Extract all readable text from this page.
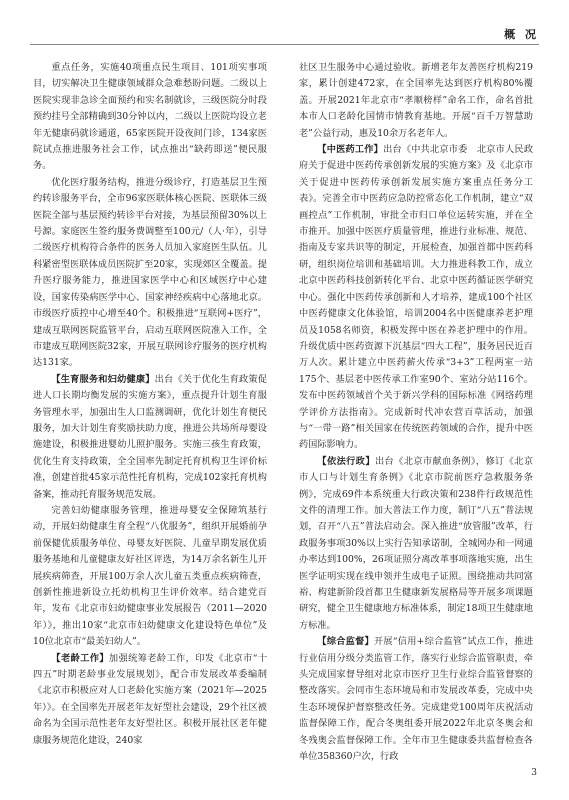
概 况

重点任务，实施40项重点民生项目、101项实事项目，切实解决卫生健康领域群众急难愁盼问题。二级以上医院实现非急诊全面预约和实名制就诊，三级医院分时段预约挂号全部精确到30分钟以内，二级以上医院均设立老年无健康码就诊通道，65家医院开设夜间门诊，134家医院试点推进服务社会工作，试点推出“缺药即送”便民服务。

优化医疗服务结构，推进分级诊疗，打造基层卫生预约转诊服务平台，全市96家医联体核心医院、医联体三级医院全部与基层预约转诊平台对接，为基层预留30%以上号源。家庭医生签约服务费调整至100元/（人·年），引导二级医疗机构符合条件的医务人员加入家庭医生队伍。儿科紧密型医联体成员医院扩至20家，实现郊区全覆盖。提升医疗服务能力，推进国家医学中心和区域医疗中心建设，国家传染病医学中心、国家神经疾病中心落地北京。市级医疗质控中心增至40个。积极推进“互联网+医疗”，建成互联网医院监管平台，启动互联网医院准入工作，全市建成互联网医院32家，开展互联网诊疗服务的医疗机构达131家。

【生育服务和妇幼健康】出台《关于优化生育政策促进人口长期均衡发展的实施方案》，重点提升计划生育服务管理水平，加强出生人口监测调研，优化计划生育便民服务，加大计划生育奖励扶助力度，推进公共场所母婴设施建设，积极推进婴幼儿照护服务。实施三孩生育政策，优化生育支持政策，全全国率先制定托育机构卫生评价标准，创建首批45家示范性托育机构，完成102家托育机构备案，推动托育服务规范发展。

完善妇幼健康服务管理，推进母婴安全保障筑基行动，开展妇幼健康生育全程“八优服务”，组织开展婚前孕前保健优质服务单位、母婴友好医院、儿童早期发展优质服务基地和儿童健康友好社区评选，为14万余名新生儿开展疾病筛查，开展100万余人次儿童五类重点疾病筛查，创新性推进新设立托幼机构卫生评价效率。结合建党百年，发布《北京市妇幼健康事业发展报告（2011—2020年）》，推出10家“北京市妇幼健康文化建设特色单位”及10位北京市“最美妇幼人”。

【老龄工作】加强统筹老龄工作，印发《北京市“十四五”时期老龄事业发展规划》，配合市发展改革委编制《北京市积极应对人口老龄化实施方案（2021年—2025年）》。在全国率先开展老年友好型社会建设，29个社区被命名为全国示范性老年友好型社区。积极开展社区老年健康服务规范化建设，240家

社区卫生服务中心通过验收。新增老年友善医疗机构219家，累计创建472家，在全国率先达到医疗机构80%覆盖。开展2021年北京市“孝顺榜样”命名工作，命名首批本市人口老龄化国情市情教育基地。开展“百千万智慧助老”公益行动，惠及10余万名老年人。

【中医药工作】出台《中共北京市委　北京市人民政府关于促进中医药传承创新发展的实施方案》及《北京市关于促进中医药传承创新发展实施方案重点任务分工表》。完善全市中医药应急防控常态化工作机制，建立“双画控点”工作机制，审批全市归口单位运转实施，并在全市推开。加强中医医疗质量管理，推进行业标准、规范、指南及专家共识等的制定，开展检查，加强首都中医药科研，组织岗位培训和基础培训。大力推进科教工作，成立北京中医药科技创新转化平台、北京中医药循证医学研究中心。强化中医药传承创新和人才培养，建成100个社区中医药健康文化体验馆，培训2004名中医健康养老护理员及1058名师资，积极发挥中医在养老护理中的作用。升级优质中医药资源下沉基层“四大工程”，服务居民近百万人次。累计建立中医药薪火传承“3+3”工程两室一站175个、基层老中医传承工作室90个、室站分站116个。发布中医药领域首个关于新兴学科的国际标准《网络药理学评价方法指南》。完成新时代冲农营百草活动，加强与“一带一路”相关国家在传统医药领域的合作，提升中医药国际影响力。

【依法行政】出台《北京市献血条例》，修订《北京市人口与计划生育条例》《北京市院前医疗急救服务条例》，完成69件本系统重大行政决策和238件行政规范性文件的清理工作。加大普法工作力度，制订“八五”普法规划，召开“八五”普法启动会。深入推进“放管服”改革，行政服务事项30%以上实行告知承诺制，全城网办和一网通办率达到100%，26项证照分离改革事项落地实施，出生医学证明实现在线申领并生成电子证照。围绕推动共同富裕、构建新阶段首都卫生健康新发展格局等开展多项课题研究，健全卫生健康地方标准体系，制定18项卫生健康地方标准。

【综合监督】开展“信用+综合监管”试点工作，推进行业信用分级分类监管工作，落实行业综合监管职责，牵头完成国家督导组对北京市医疗卫生行业综合监管督察的整改落实。会同市生态环境局和市发展改革委，完成中央生态环境保护督察整改任务。完成建党100周年庆祝活动监督保障工作，配合冬奥组委开展2022年北京冬奥会和冬残奥会监督保障工作。全年市卫生健康委共监督检查各单位358360户次，行政

3
